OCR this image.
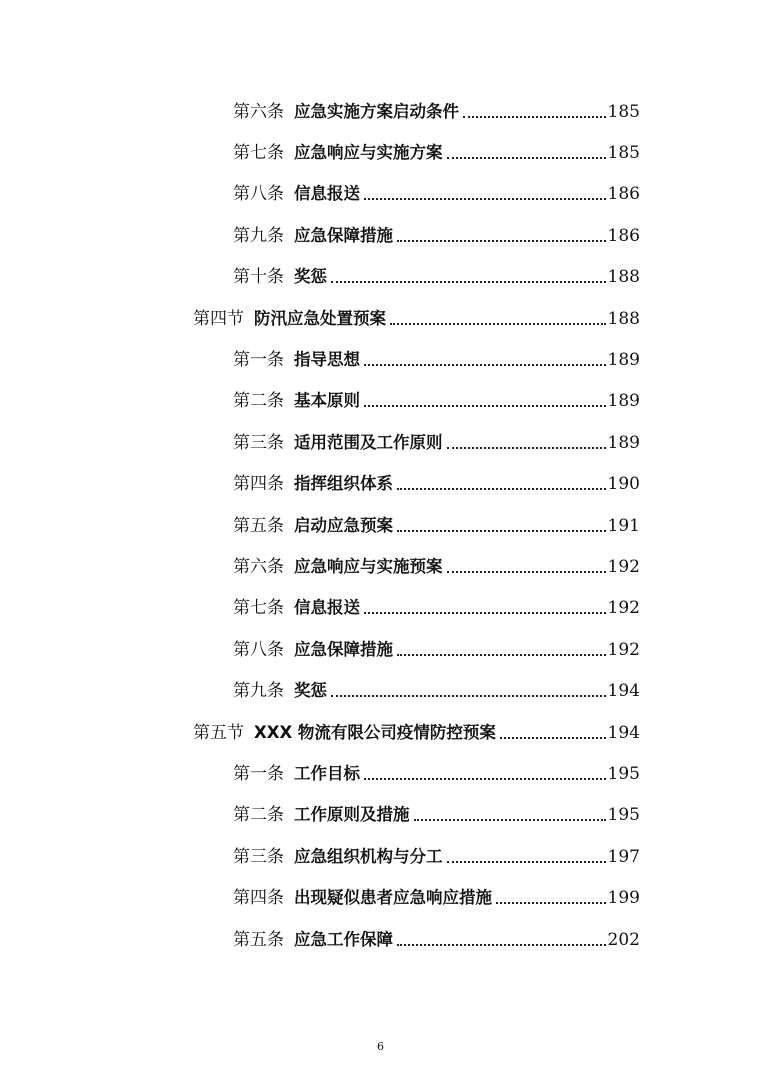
第六条 应急实施方案启动条件	185
第七条 应急响应与实施方案	185
第八条 信息报送	186
第九条 应急保障措施	186
第十条 奖惩	188
第四节 防汛应急处置预案	188
第一条 指导思想	189
第二条 基本原则	189
第三条 适用范围及工作原则	189
第四条 指挥组织体系	190
第五条 启动应急预案	191
第六条 应急响应与实施预案	192
第七条 信息报送	192
第八条 应急保障措施	192
第九条 奖惩	194
第五节 XXX 物流有限公司疫情防控预案	194
第一条 工作目标	195
第二条 工作原则及措施	195
第三条 应急组织机构与分工	197
第四条 出现疑似患者应急响应措施	199
第五条 应急工作保障	202
6
